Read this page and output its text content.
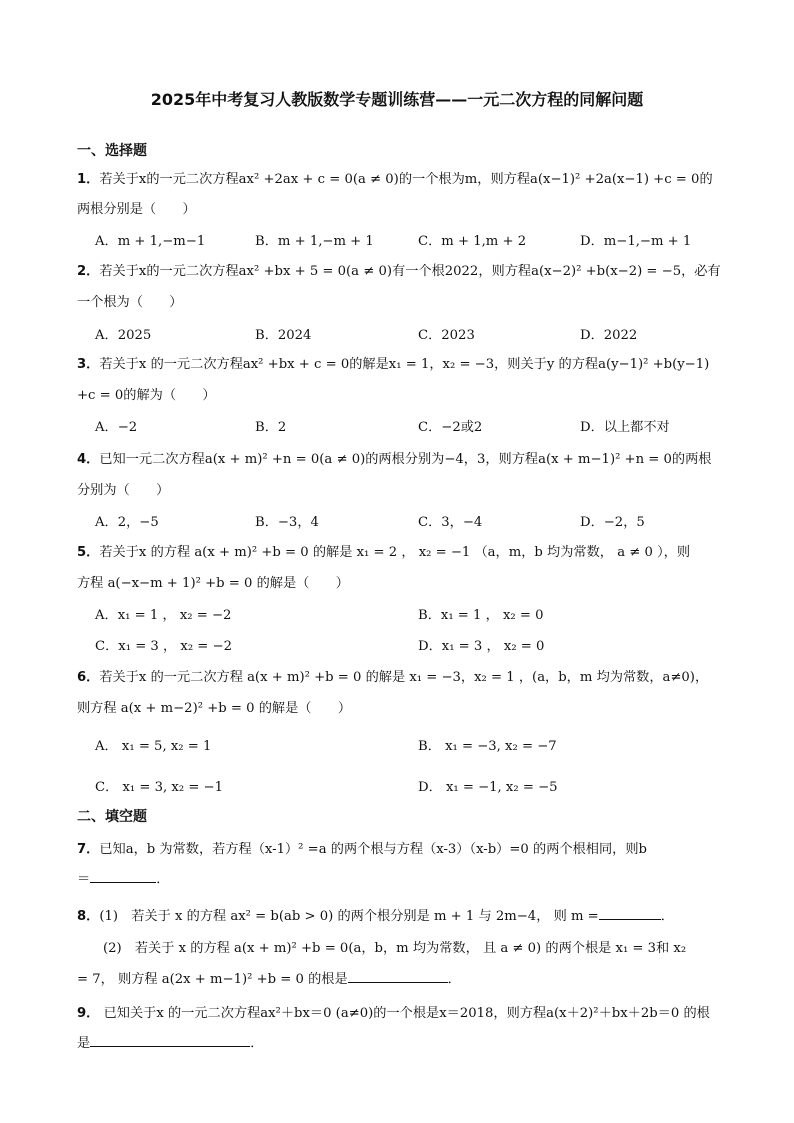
2025年中考复习人教版数学专题训练营——一元二次方程的同解问题
一、选择题
1．若关于x的一元二次方程ax² +2ax + c = 0(a ≠ 0)的一个根为m，则方程a(x−1)² +2a(x−1) +c = 0的
两根分别是（　　）
A．m + 1,−m−1	B．m + 1,−m + 1	C．m + 1,m + 2	D．m−1,−m + 1
2．若关于x的一元二次方程ax² +bx + 5 = 0(a ≠ 0)有一个根2022，则方程a(x−2)² +b(x−2) = −5，必有
一个根为（　　）
A．2025	B．2024	C．2023	D．2022
3．若关于x 的一元二次方程ax² +bx + c = 0的解是x₁ = 1，x₂ = −3，则关于y 的方程a(y−1)² +b(y−1)
+c = 0的解为（　　）
A．−2	B．2	C．−2或2	D．以上都不对
4．已知一元二次方程a(x + m)² +n = 0(a ≠ 0)的两根分别为−4，3，则方程a(x + m−1)² +n = 0的两根
分别为（　　）
A．2，−5	B．−3，4	C．3，−4	D．−2，5
5．若关于x 的方程 a(x + m)² +b = 0 的解是 x₁ = 2 ， x₂ = −1 （a，m，b 均为常数， a ≠ 0 ），则
方程 a(−x−m + 1)² +b = 0 的解是（　　）
A．x₁ = 1 ， x₂ = −2	B．x₁ = 1 ， x₂ = 0
C．x₁ = 3 ， x₂ = −2	D．x₁ = 3 ， x₂ = 0
6．若关于x 的一元二次方程 a(x + m)² +b = 0 的解是 x₁ = −3，x₂ = 1 ，(a，b，m 均为常数，a≠0)，
则方程 a(x + m−2)² +b = 0 的解是（　　）
A． x₁ = 5, x₂ = 1	B． x₁ = −3, x₂ = −7
C． x₁ = 3, x₂ = −1	D． x₁ = −1, x₂ = −5
二、填空题
7．已知a，b 为常数，若方程（x-1）² =a 的两个根与方程（x-3）（x-b）=0 的两个根相同，则b
＝	．
8．(1)　若关于 x 的方程 ax² = b(ab > 0) 的两个根分别是 m + 1 与 2m−4， 则 m =	．
(2)　若关于 x 的方程 a(x + m)² +b = 0(a，b，m 均为常数， 且 a ≠ 0) 的两个根是 x₁ = 3和 x₂
= 7， 则方程 a(2x + m−1)² +b = 0 的根是	．
9． 已知关于x 的一元二次方程ax²＋bx＝0 (a≠0)的一个根是x＝2018，则方程a(x＋2)²＋bx＋2b＝0 的根
是	．
